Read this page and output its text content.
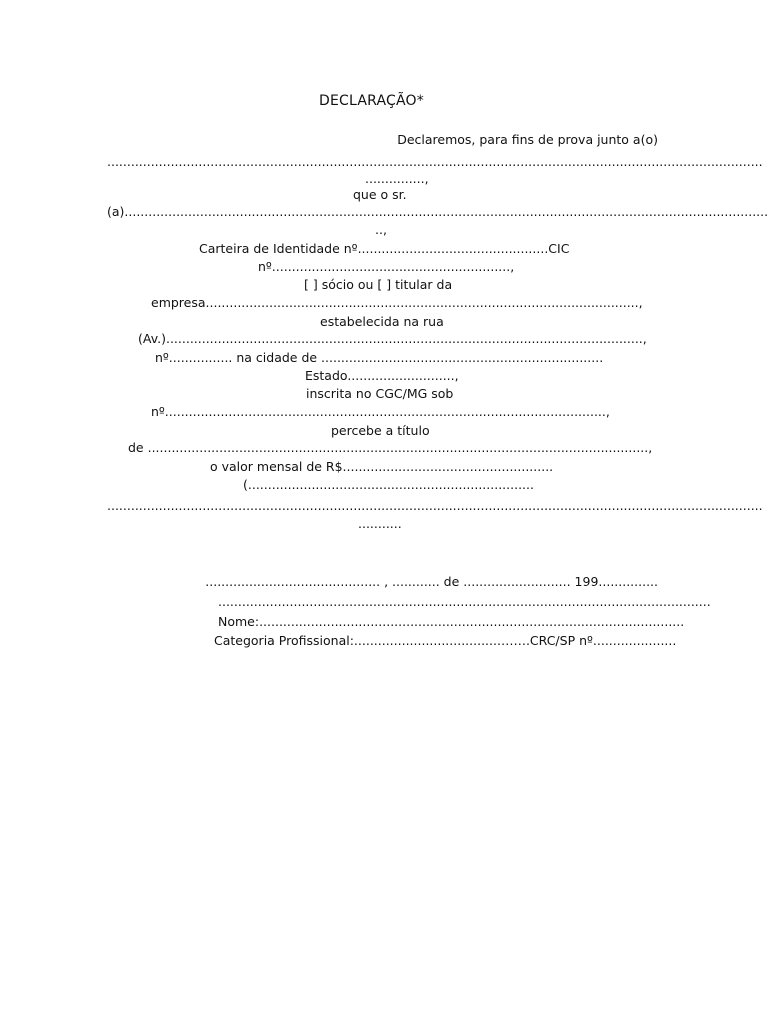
DECLARAÇÃO*
Declaremos, para fins de prova junto a(o)
.....................................................................................................................................................................
...............,
que o sr.
(a)..................................................................................................................................................................
..,
Carteira de Identidade nº................................................CIC
nº............................................................,
[ ] sócio ou [ ] titular da
empresa.............................................................................................................,
estabelecida na rua
(Av.)........................................................................................................................,
nº................ na cidade de .......................................................................
Estado...........................,
inscrita no CGC/MG sob
nº...............................................................................................................,
percebe a título
de ..............................................................................................................................,
o valor mensal de R$.....................................................
(........................................................................
.....................................................................................................................................................................
...........
............................................ , ............ de ........................... 199...............
............................................................................................................................
Nome:...........................................................................................................
Categoria Profissional:.....................................…….CRC/SP nº.....................
